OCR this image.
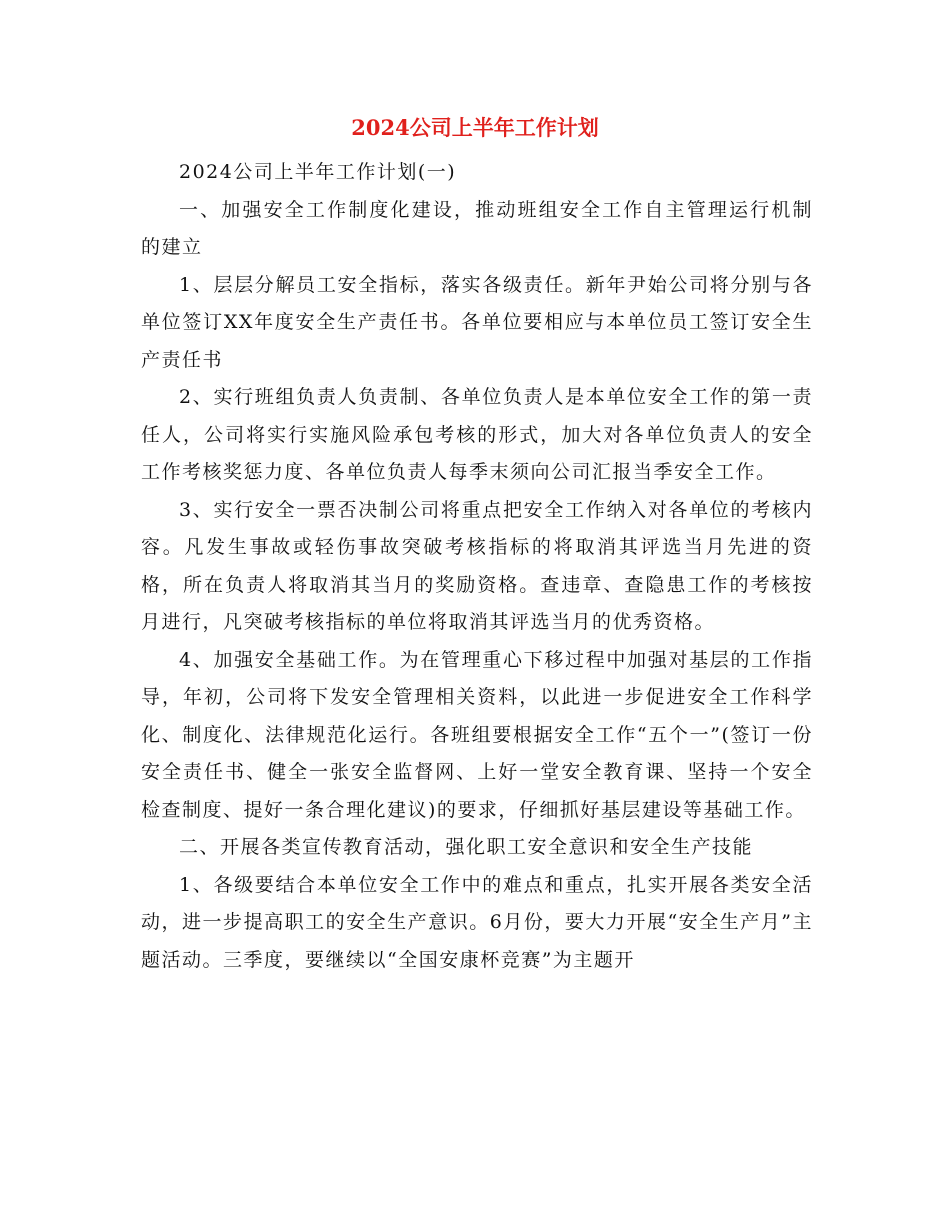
2024公司上半年工作计划

2024公司上半年工作计划(一)

一、加强安全工作制度化建设，推动班组安全工作自主管理运行机制的建立

1、层层分解员工安全指标，落实各级责任。新年尹始公司将分别与各单位签订XX年度安全生产责任书。各单位要相应与本单位员工签订安全生产责任书

2、实行班组负责人负责制、各单位负责人是本单位安全工作的第一责任人，公司将实行实施风险承包考核的形式，加大对各单位负责人的安全工作考核奖惩力度、各单位负责人每季末须向公司汇报当季安全工作。

3、实行安全一票否决制公司将重点把安全工作纳入对各单位的考核内容。凡发生事故或轻伤事故突破考核指标的将取消其评选当月先进的资格，所在负责人将取消其当月的奖励资格。查违章、查隐患工作的考核按月进行，凡突破考核指标的单位将取消其评选当月的优秀资格。

4、加强安全基础工作。为在管理重心下移过程中加强对基层的工作指导，年初，公司将下发安全管理相关资料，以此进一步促进安全工作科学化、制度化、法律规范化运行。各班组要根据安全工作“五个一”(签订一份安全责任书、健全一张安全监督网、上好一堂安全教育课、坚持一个安全检查制度、提好一条合理化建议)的要求，仔细抓好基层建设等基础工作。

二、开展各类宣传教育活动，强化职工安全意识和安全生产技能

1、各级要结合本单位安全工作中的难点和重点，扎实开展各类安全活动，进一步提高职工的安全生产意识。6月份，要大力开展“安全生产月”主题活动。三季度，要继续以“全国安康杯竞赛”为主题开
